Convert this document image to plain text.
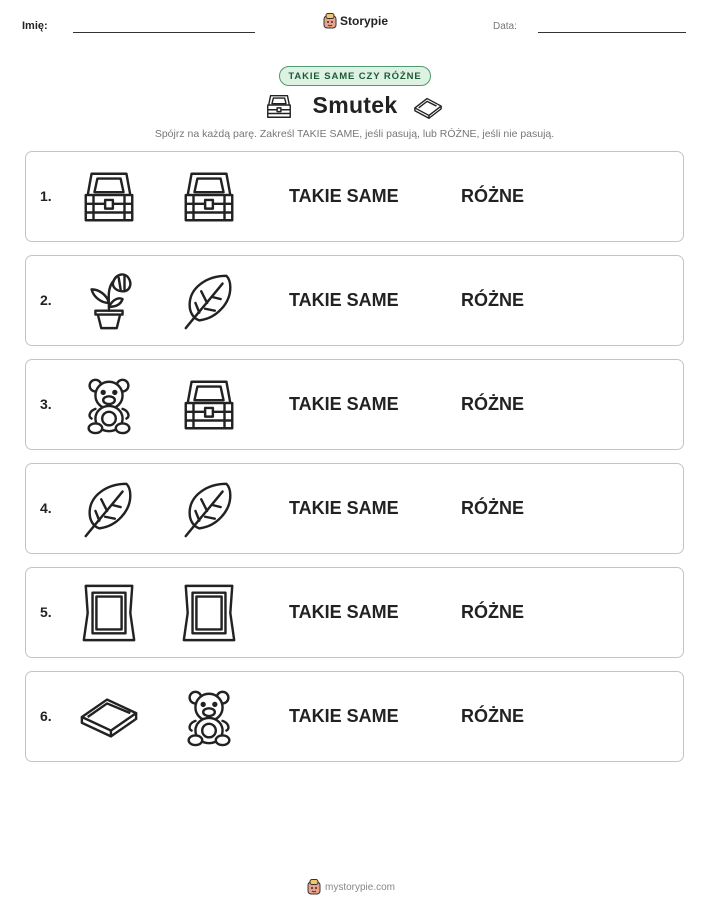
Imię:	Storypie	Data:
TAKIE SAME CZY RÓŻNE
Smutek
Spójrz na każdą parę. Zakreśl TAKIE SAME, jeśli pasują, lub RÓŻNE, jeśli nie pasują.
1.	TAKIE SAME	RÓŻNE
2.	TAKIE SAME	RÓŻNE
3.	TAKIE SAME	RÓŻNE
4.	TAKIE SAME	RÓŻNE
5.	TAKIE SAME	RÓŻNE
6.	TAKIE SAME	RÓŻNE
mystorypie.com
